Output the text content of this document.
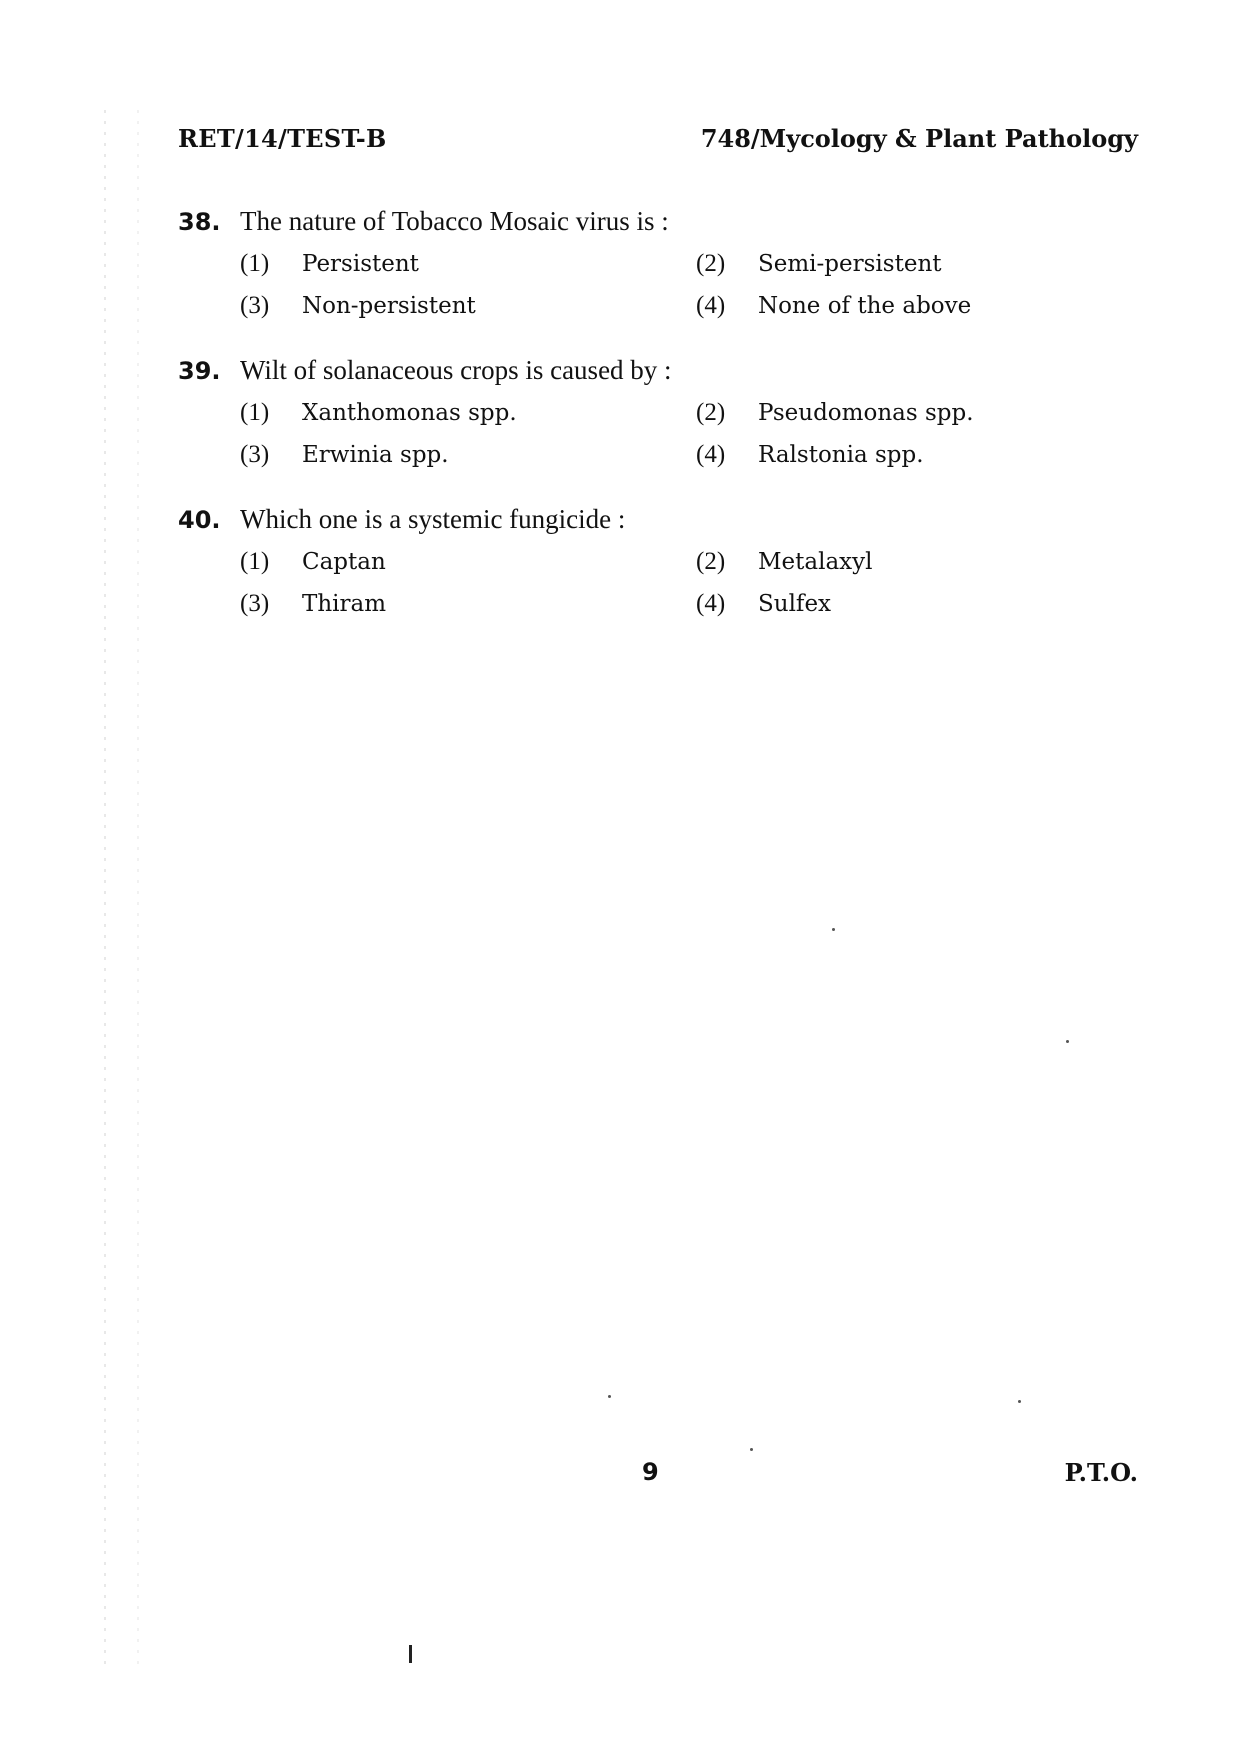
RET/14/TEST-B	748/Mycology & Plant Pathology
38. The nature of Tobacco Mosaic virus is :
(1)	Persistent	(2)	Semi-persistent
(3)	Non-persistent	(4)	None of the above
39. Wilt of solanaceous crops is caused by :
(1)	Xanthomonas spp.	(2)	Pseudomonas spp.
(3)	Erwinia spp.	(4)	Ralstonia spp.
40. Which one is a systemic fungicide :
(1)	Captan	(2)	Metalaxyl
(3)	Thiram	(4)	Sulfex
9	P.T.O.
